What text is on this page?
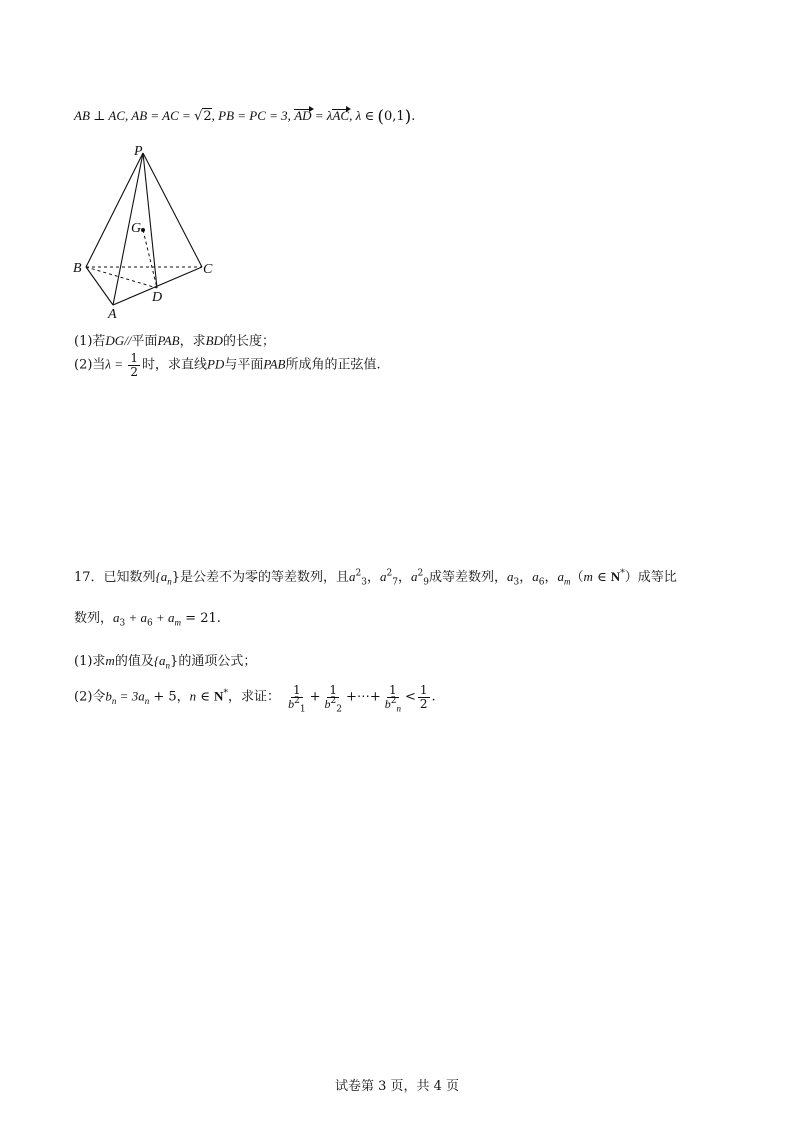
AB ⊥ AC, AB = AC = √2, PB = PC = 3, AD = λAC, λ ∈ (0,1).
P
G
B	C
D
A
(1)若DG//平面PAB，求BD的长度；
(2)当$\lambda = \frac{1}{2}$ 时，求直线PD与平面PAB所成角的正弦值.
17．已知数列$\{a_n\}$是公差不为零的等差数列，且$a^2_3$，$a^2_7$，$a^2_9$成等差数列，$a_3$，$a_6$，$a_m(m$ ∈ N*）成等比
数列，$a_3 + a_6 + a_m = 21$.
(1)求m的值及$\{a_n\}$的通项公式；
(2)令$b_n = 3a_n + 5$，n ∈ N*，求证： $\frac{1}{b^2_1} + \frac{1}{b^2_2}$ +⋯+ $\frac{1}{b^2_n} < \frac{1}{2}$ .
试卷第 3 页，共 4 页
